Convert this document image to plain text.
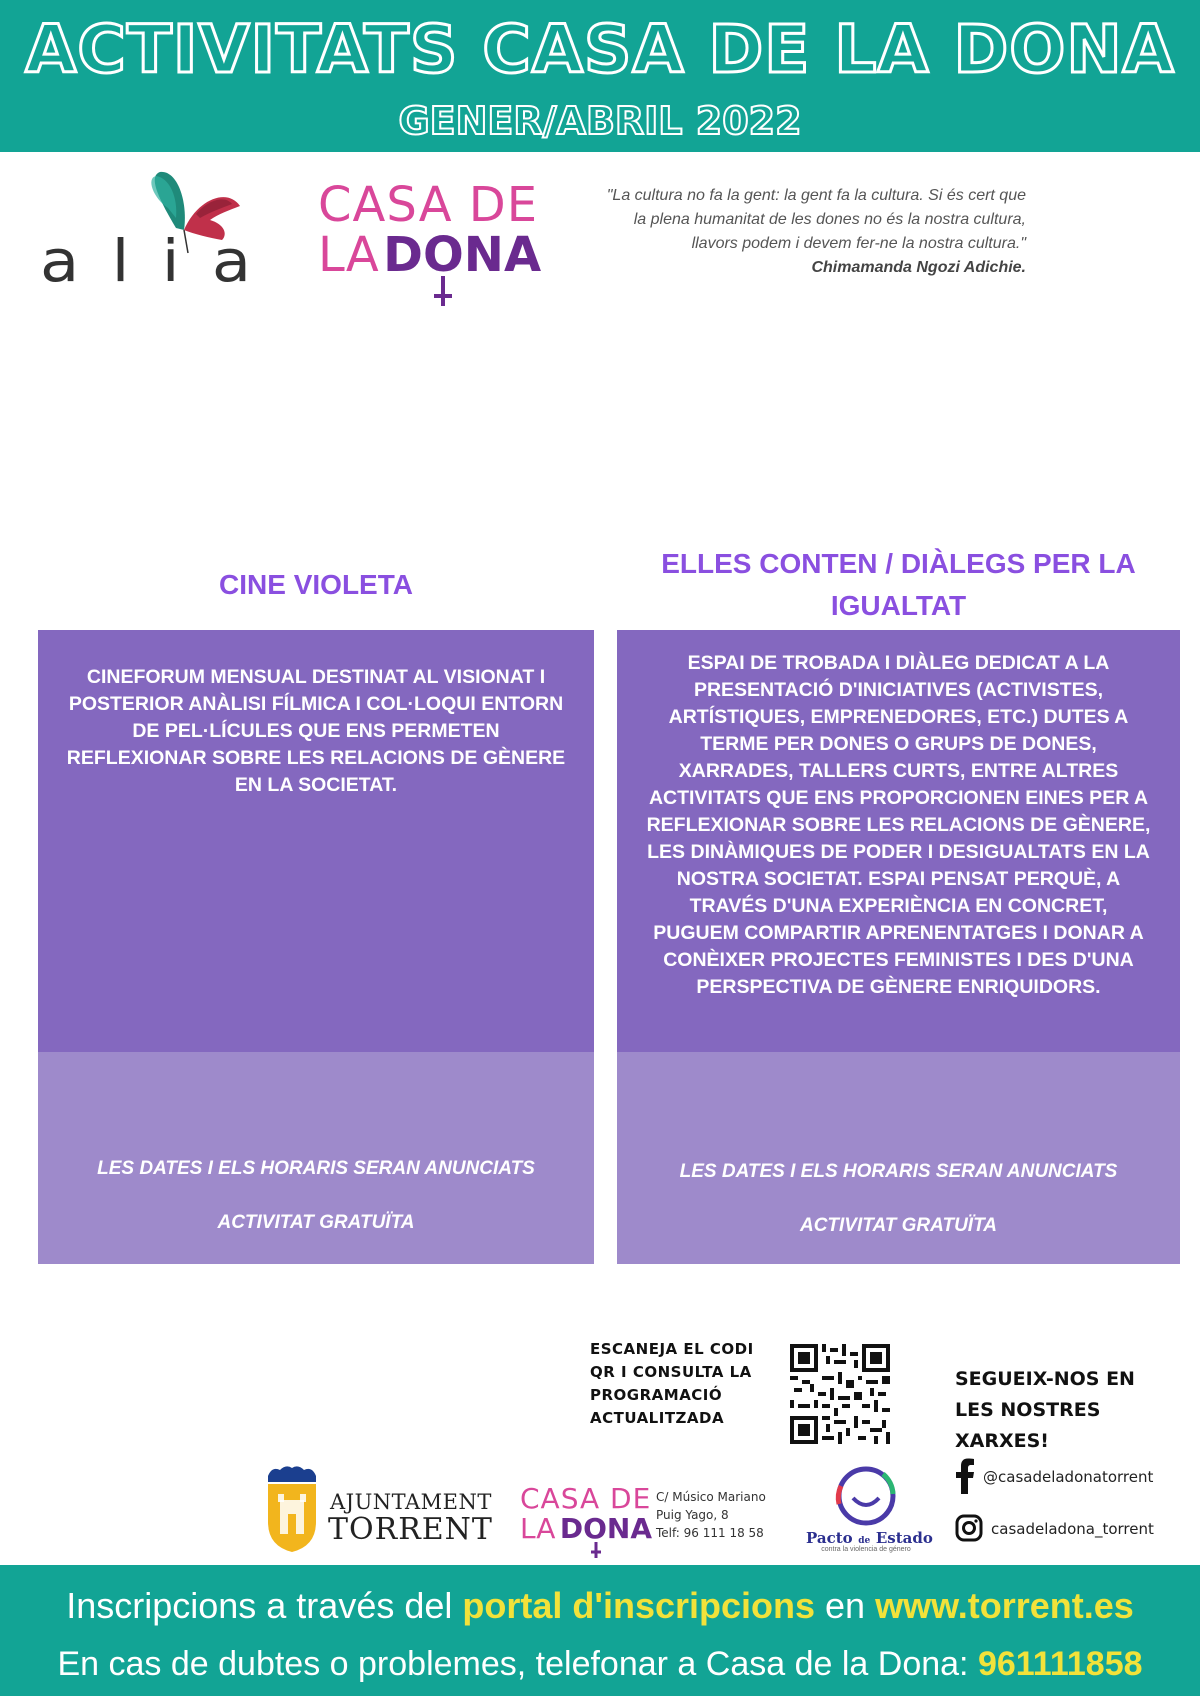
ACTIVITATS CASA DE LA DONA
GENER/ABRIL 2022
a l i a
CASA DE
LA DONA
"La cultura no fa la gent: la gent fa la cultura. Si és cert que la plena humanitat de les dones no és la nostra cultura, llavors podem i devem fer-ne la nostra cultura."
Chimamanda Ngozi Adichie.
CINE VIOLETA
CINEFORUM MENSUAL DESTINAT AL VISIONAT I POSTERIOR ANÀLISI FÍLMICA I COL·LOQUI ENTORN DE PEL·LÍCULES QUE ENS PERMETEN REFLEXIONAR SOBRE LES RELACIONS DE GÈNERE EN LA SOCIETAT.
LES DATES I ELS HORARIS SERAN ANUNCIATS
ACTIVITAT GRATUÏTA
ELLES CONTEN / DIÀLEGS PER LA IGUALTAT
ESPAI DE TROBADA I DIÀLEG DEDICAT A LA PRESENTACIÓ D'INICIATIVES (ACTIVISTES, ARTÍSTIQUES, EMPRENEDORES, ETC.) DUTES A TERME PER DONES O GRUPS DE DONES, XARRADES, TALLERS CURTS, ENTRE ALTRES ACTIVITATS QUE ENS PROPORCIONEN EINES PER A REFLEXIONAR SOBRE LES RELACIONS DE GÈNERE, LES DINÀMIQUES DE PODER I DESIGUALTATS EN LA NOSTRA SOCIETAT. ESPAI PENSAT PERQUÈ, A TRAVÉS D'UNA EXPERIÈNCIA EN CONCRET, PUGUEM COMPARTIR APRENENTATGES I DONAR A CONÈIXER PROJECTES FEMINISTES I DES D'UNA PERSPECTIVA DE GÈNERE ENRIQUIDORS.
LES DATES I ELS HORARIS SERAN ANUNCIATS
ACTIVITAT GRATUÏTA
ESCANEJA EL CODI QR I CONSULTA LA PROGRAMACIÓ ACTUALITZADA
SEGUEIX-NOS EN LES NOSTRES XARXES!
@casadeladonatorrent
casadeladona_torrent
AJUNTAMENT
TORRENT
CASA DE
LA DONA
C/ Músico Mariano
Puig Yago, 8
Telf: 96 111 18 58	Pacto de Estado
contra la violencia de género
Inscripcions a través del portal d'inscripcions en www.torrent.es
En cas de dubtes o problemes, telefonar a Casa de la Dona: 961111858
